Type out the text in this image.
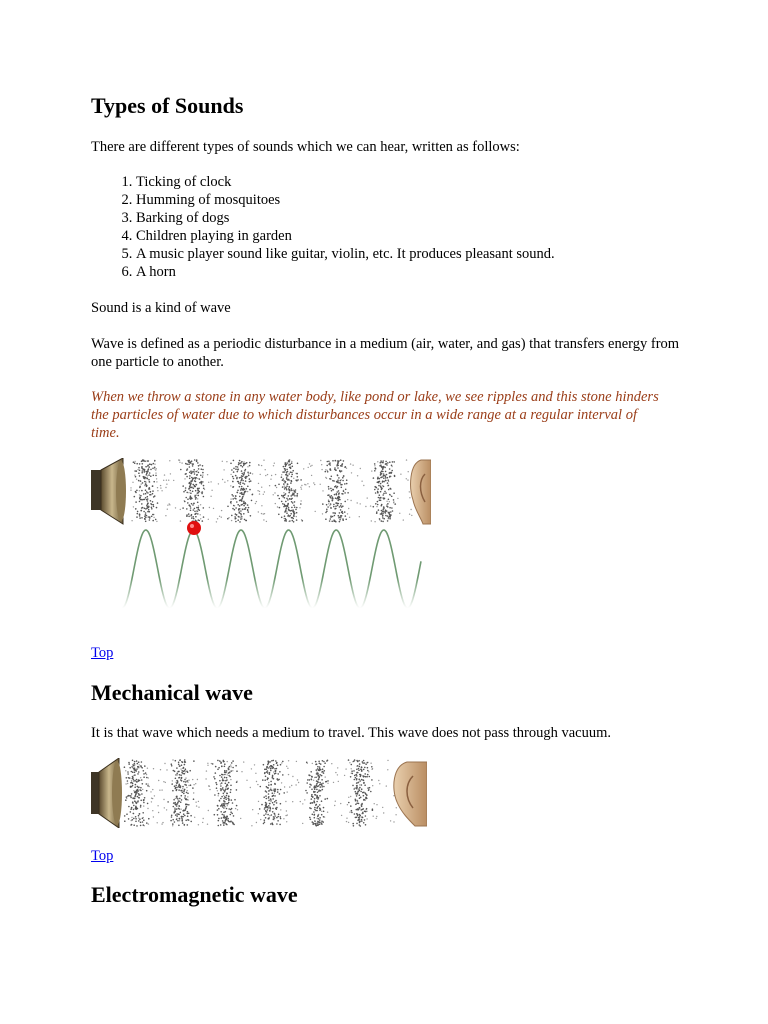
Types of Sounds

There are different types of sounds which we can hear, written as follows:

1. Ticking of clock
2. Humming of mosquitoes
3. Barking of dogs
4. Children playing in garden
5. A music player sound like guitar, violin, etc. It produces pleasant sound.
6. A horn

Sound is a kind of wave

Wave is defined as a periodic disturbance in a medium (air, water, and gas) that transfers energy from one particle to another.

When we throw a stone in any water body, like pond or lake, we see ripples and this stone hinders the particles of water due to which disturbances occur in a wide range at a regular interval of time.

Top
Mechanical wave

It is that wave which needs a medium to travel. This wave does not pass through vacuum.

Top
Electromagnetic wave
